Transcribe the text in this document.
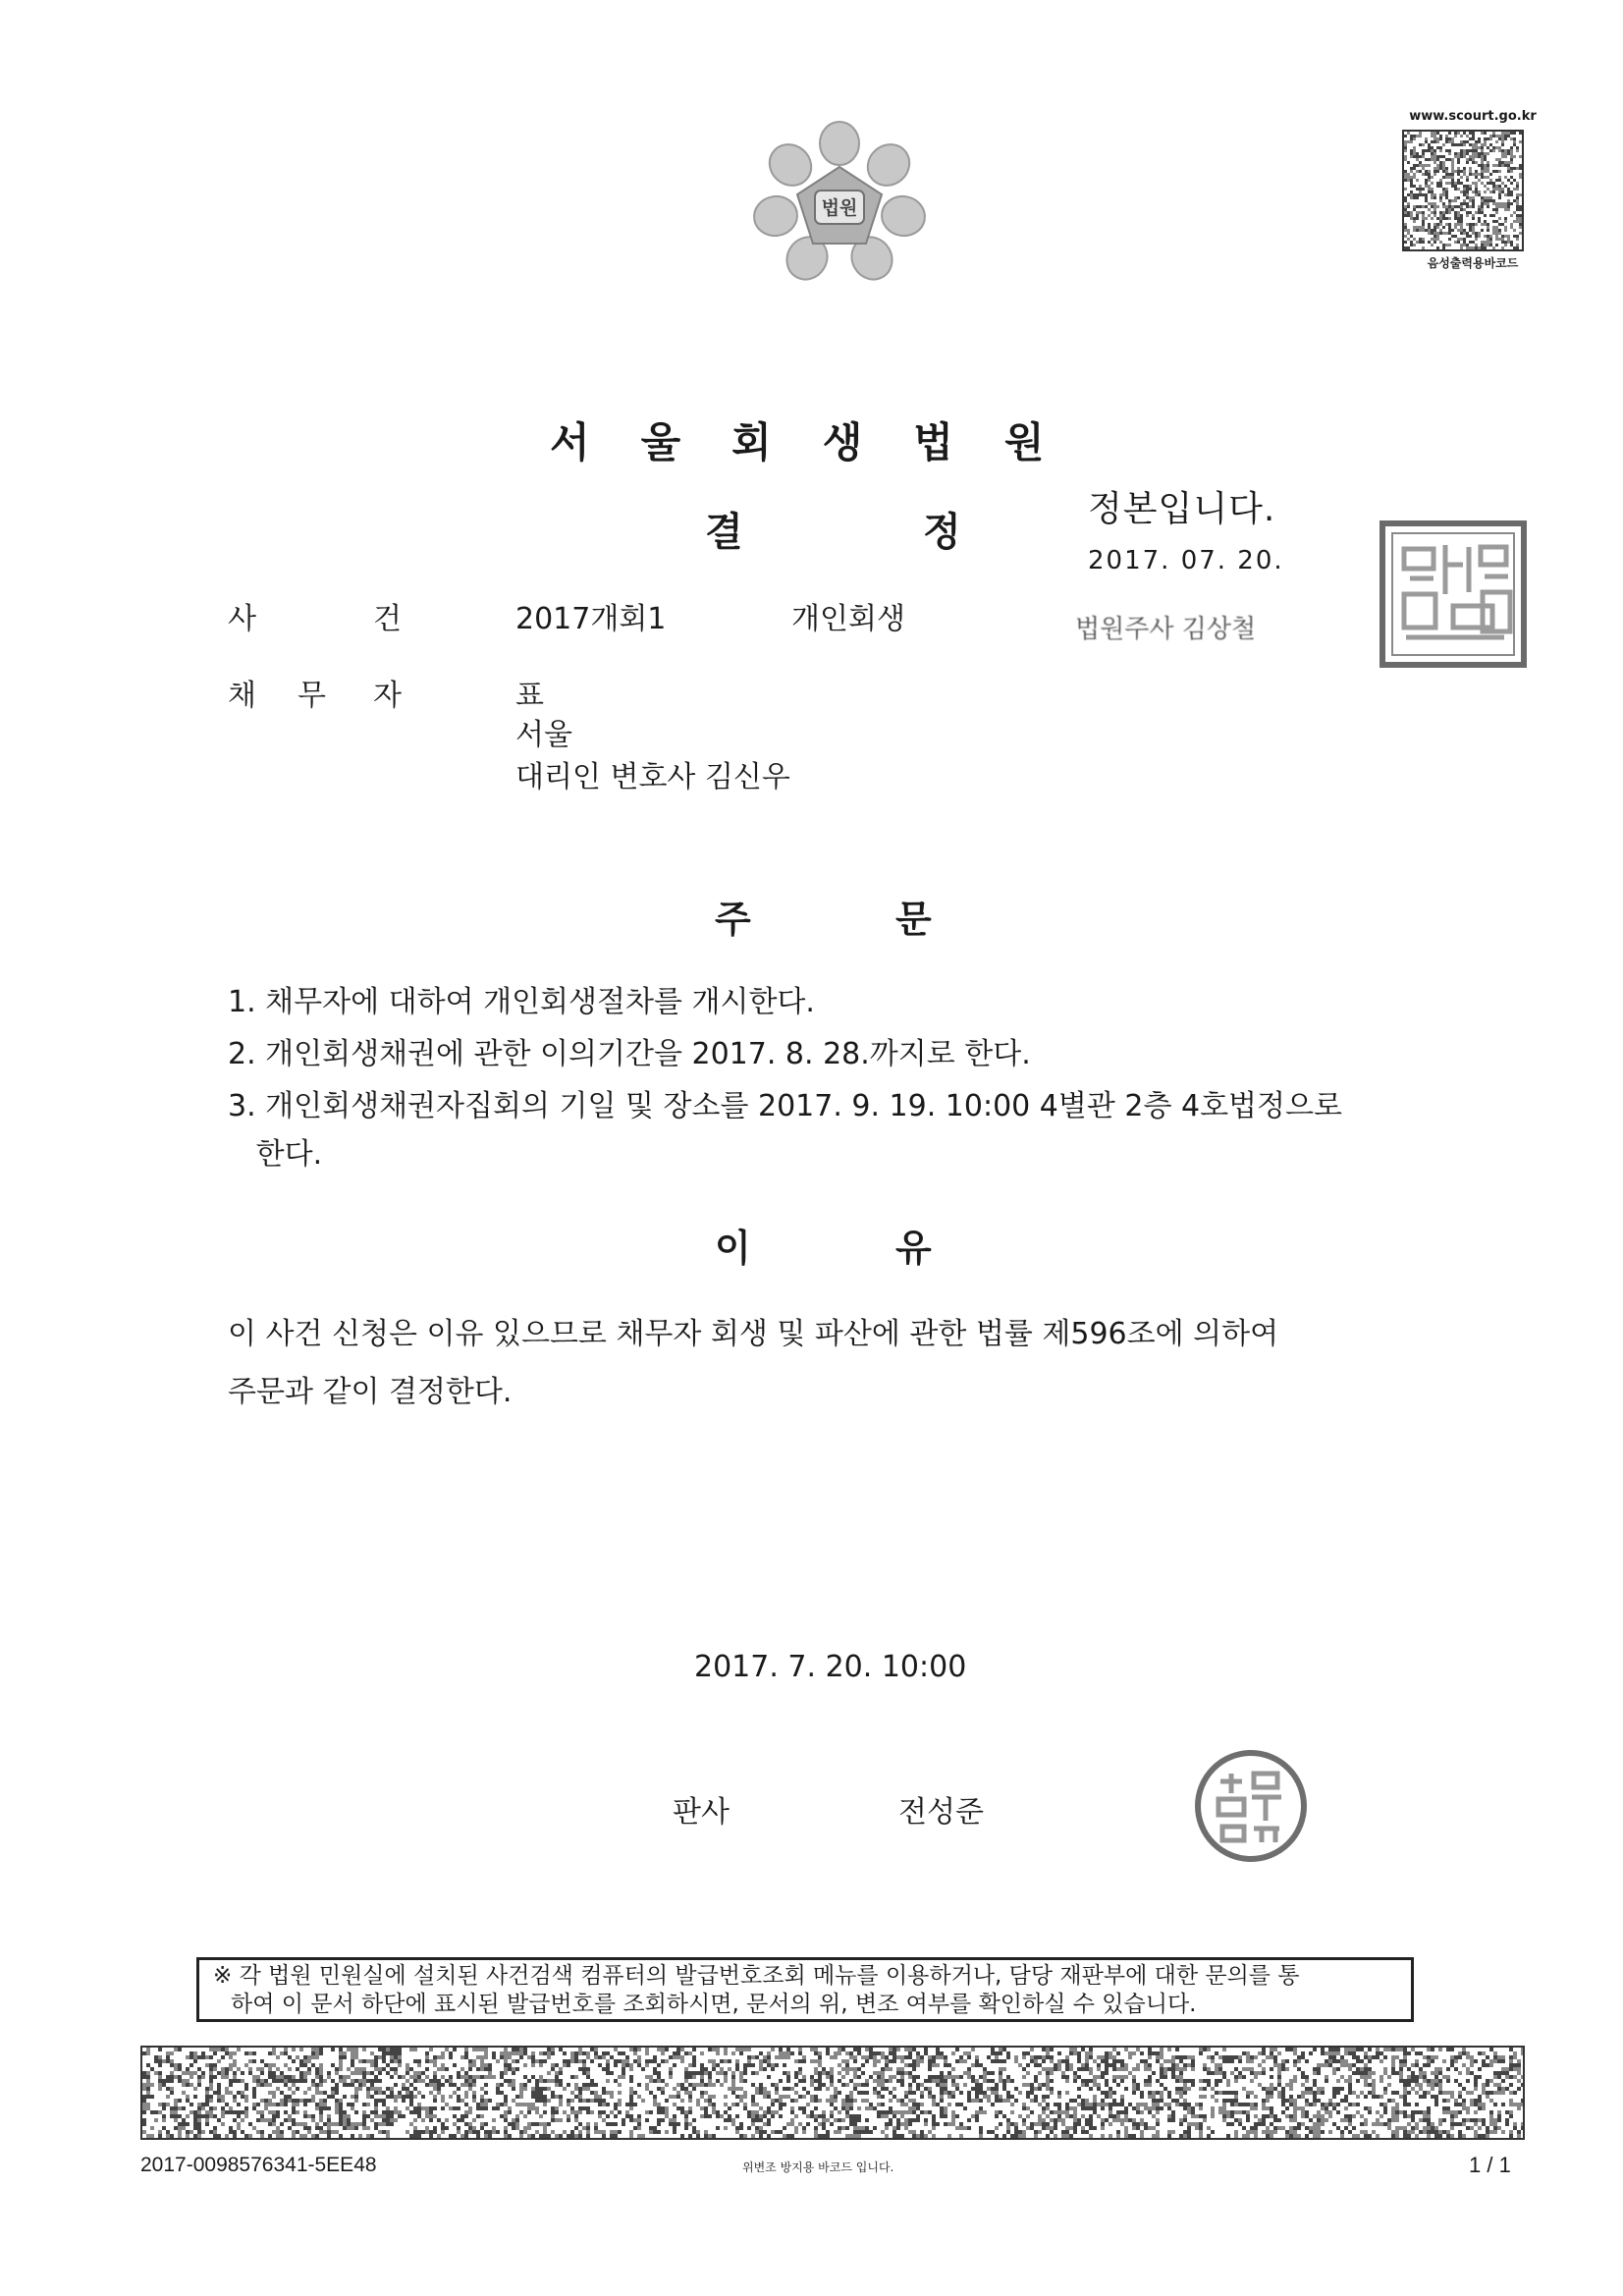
법원
www.scourt.go.kr
음성출력용바코드
서울회생법원
결	정
정본입니다.
2017. 07. 20.
법원주사 김상철
사	건	2017개회1	개인회생
채 무 자	표
서울
대리인 변호사 김신우
주	문
1. 채무자에 대하여 개인회생절차를 개시한다.
2. 개인회생채권에 관한 이의기간을 2017. 8. 28.까지로 한다.
3. 개인회생채권자집회의 기일 및 장소를 2017. 9. 19. 10:00 4별관 2층 4호법정으로
한다.
이	유
이 사건 신청은 이유 있으므로 채무자 회생 및 파산에 관한 법률 제596조에 의하여
주문과 같이 결정한다.
2017. 7. 20. 10:00
판사	전성준
※ 각 법원 민원실에 설치된 사건검색 컴퓨터의 발급번호조회 메뉴를 이용하거나, 담당 재판부에 대한 문의를 통
하여 이 문서 하단에 표시된 발급번호를 조회하시면, 문서의 위, 변조 여부를 확인하실 수 있습니다.
2017-0098576341-5EE48	위변조 방지용 바코드 입니다.	1 / 1
